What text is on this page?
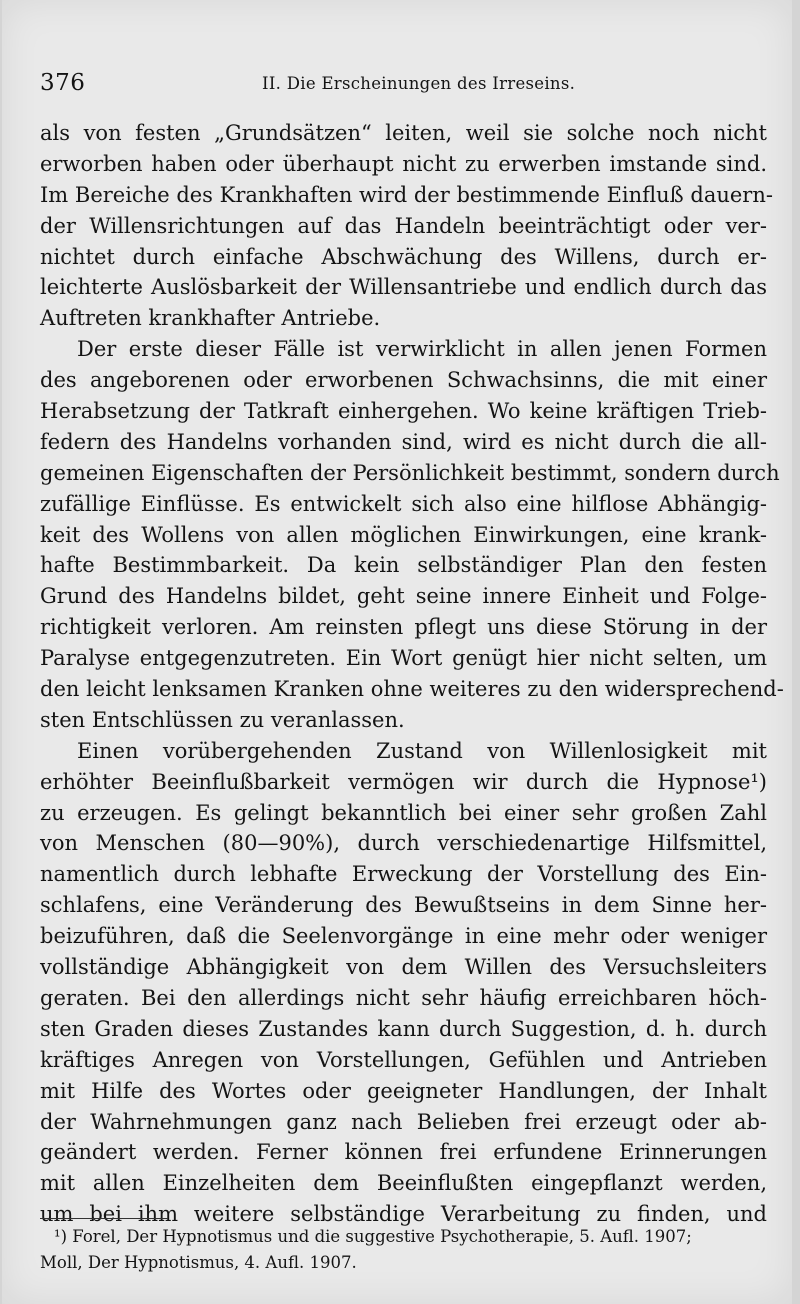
376	II. Die Erscheinungen des Irreseins.
als von festen „Grundsätzen“ leiten, weil sie solche noch nicht
erworben haben oder überhaupt nicht zu erwerben imstande sind.
Im Bereiche des Krankhaften wird der bestimmende Einfluß dauern-
der Willensrichtungen auf das Handeln beeinträchtigt oder ver-
nichtet durch einfache Abschwächung des Willens, durch er-
leichterte Auslösbarkeit der Willensantriebe und endlich durch das
Auftreten krankhafter Antriebe.
Der erste dieser Fälle ist verwirklicht in allen jenen Formen
des angeborenen oder erworbenen Schwachsinns, die mit einer
Herabsetzung der Tatkraft einhergehen. Wo keine kräftigen Trieb-
federn des Handelns vorhanden sind, wird es nicht durch die all-
gemeinen Eigenschaften der Persönlichkeit bestimmt, sondern durch
zufällige Einflüsse. Es entwickelt sich also eine hilflose Abhängig-
keit des Wollens von allen möglichen Einwirkungen, eine krank-
hafte Bestimmbarkeit. Da kein selbständiger Plan den festen
Grund des Handelns bildet, geht seine innere Einheit und Folge-
richtigkeit verloren. Am reinsten pflegt uns diese Störung in der
Paralyse entgegenzutreten. Ein Wort genügt hier nicht selten, um
den leicht lenksamen Kranken ohne weiteres zu den widersprechend-
sten Entschlüssen zu veranlassen.
Einen vorübergehenden Zustand von Willenlosigkeit mit
erhöhter Beeinflußbarkeit vermögen wir durch die Hypnose¹)
zu erzeugen. Es gelingt bekanntlich bei einer sehr großen Zahl
von Menschen (80—90%), durch verschiedenartige Hilfsmittel,
namentlich durch lebhafte Erweckung der Vorstellung des Ein-
schlafens, eine Veränderung des Bewußtseins in dem Sinne her-
beizuführen, daß die Seelenvorgänge in eine mehr oder weniger
vollständige Abhängigkeit von dem Willen des Versuchsleiters
geraten. Bei den allerdings nicht sehr häufig erreichbaren höch-
sten Graden dieses Zustandes kann durch Suggestion, d. h. durch
kräftiges Anregen von Vorstellungen, Gefühlen und Antrieben
mit Hilfe des Wortes oder geeigneter Handlungen, der Inhalt
der Wahrnehmungen ganz nach Belieben frei erzeugt oder ab-
geändert werden. Ferner können frei erfundene Erinnerungen
mit allen Einzelheiten dem Beeinflußten eingepflanzt werden,
um bei ihm weitere selbständige Verarbeitung zu finden, und
¹) Forel, Der Hypnotismus und die suggestive Psychotherapie, 5. Aufl. 1907;
Moll, Der Hypnotismus, 4. Aufl. 1907.
